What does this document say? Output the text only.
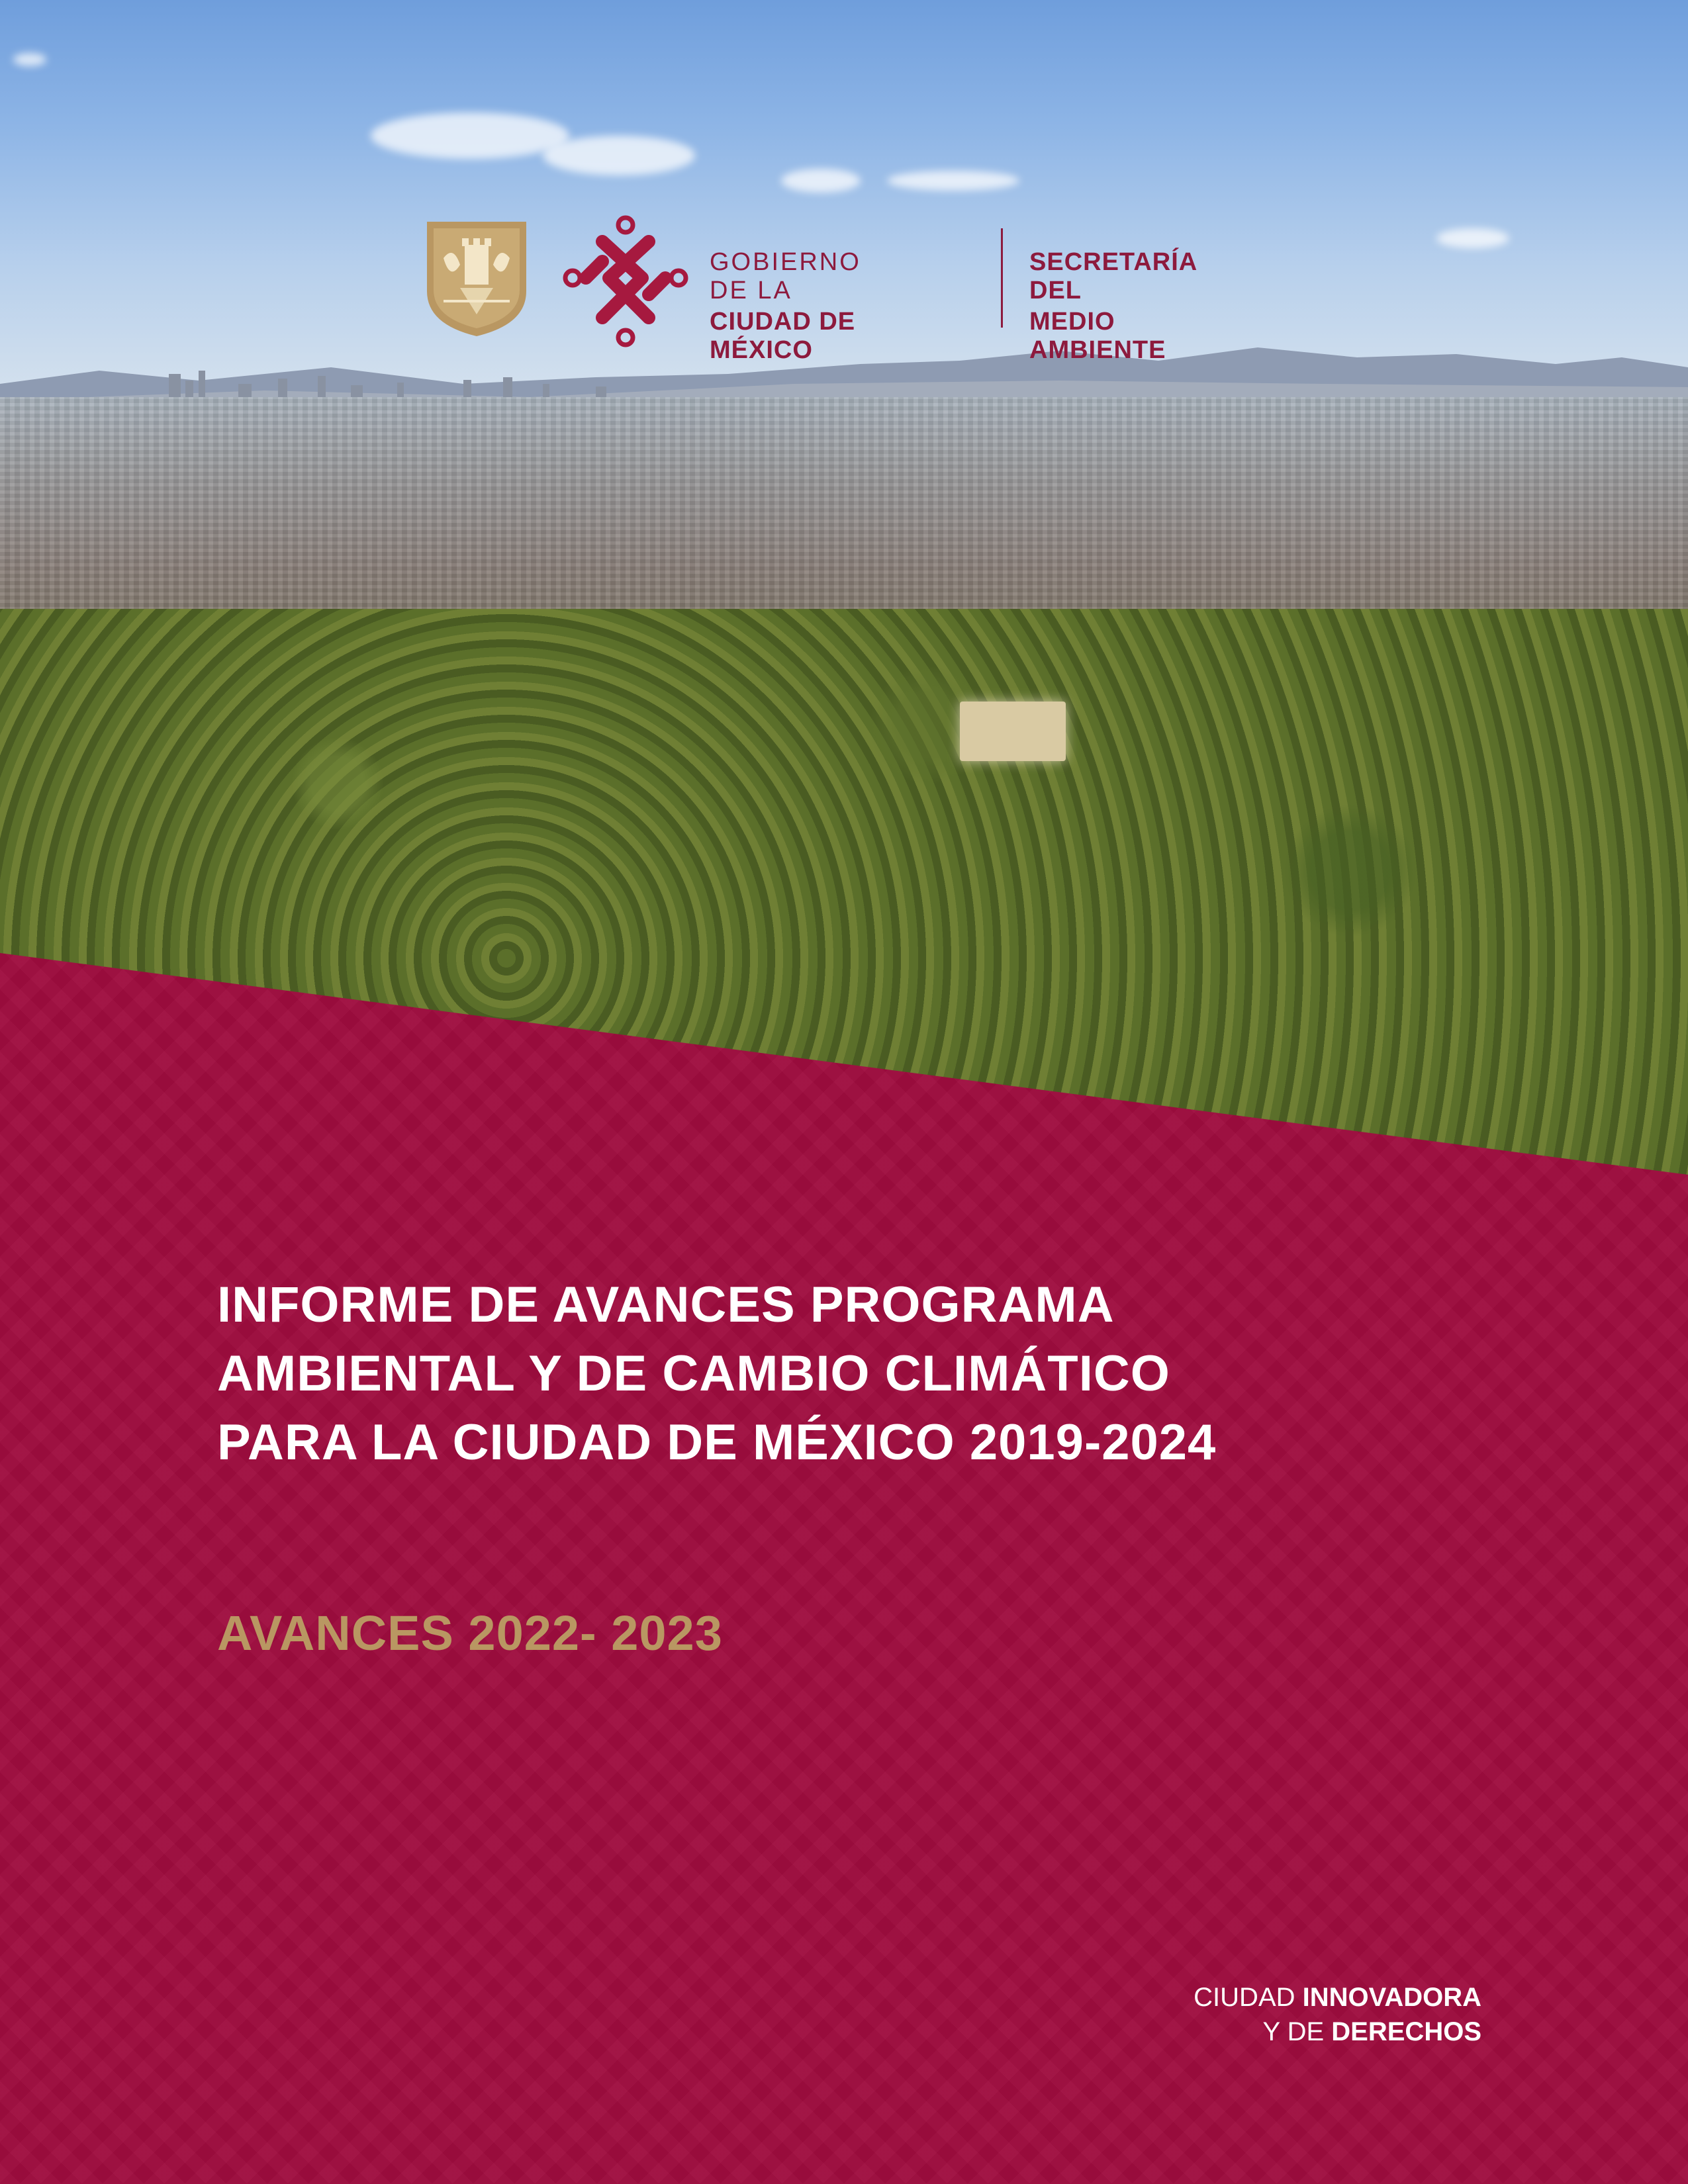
GOBIERNO DE LA
CIUDAD DE MÉXICO
SECRETARÍA DEL
MEDIO AMBIENTE
INFORME DE AVANCES PROGRAMA
AMBIENTAL Y DE CAMBIO CLIMÁTICO
PARA LA CIUDAD DE MÉXICO 2019-2024
AVANCES 2022- 2023
CIUDAD INNOVADORA
Y DE DERECHOS
